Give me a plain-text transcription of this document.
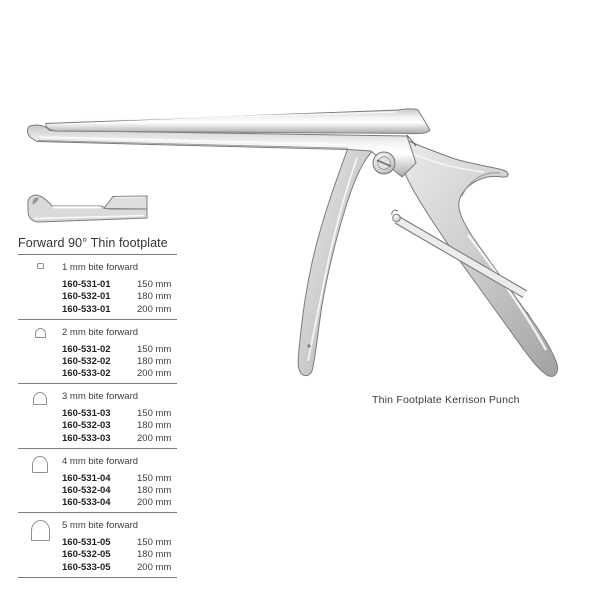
Forward 90° Thin footplate
1 mm bite forward
160-531-01	150 mm
160-532-01	180 mm
160-533-01	200 mm
2 mm bite forward
160-531-02	150 mm
160-532-02	180 mm
160-533-02	200 mm
3 mm bite forward
160-531-03	150 mm
160-532-03	180 mm
160-533-03	200 mm
4 mm bite forward
160-531-04	150 mm
160-532-04	180 mm
160-533-04	200 mm
5 mm bite forward
160-531-05	150 mm
160-532-05	180 mm
160-533-05	200 mm
Thin Footplate Kerrison Punch
